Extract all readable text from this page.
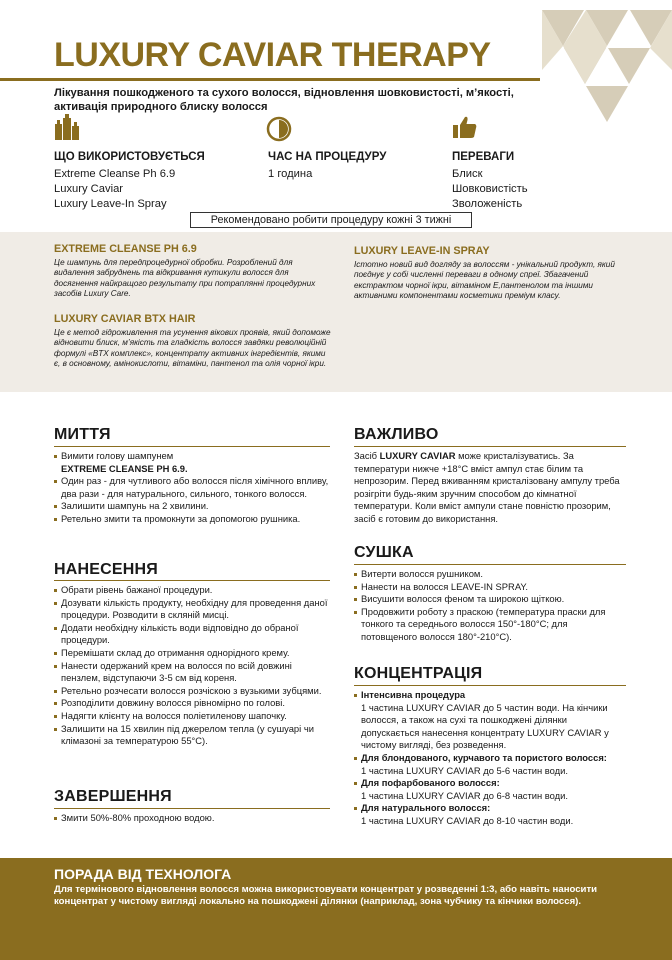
LUXURY CAVIAR THERAPY
Лікування пошкодженого та сухого волосся, відновлення шовковистості, м’якості, активація природного блиску волосся
ЩО ВИКОРИСТОВУЄТЬСЯ
Extreme Cleanse Ph 6.9
Luxury Caviar
Luxury Leave-In Spray
ЧАС НА ПРОЦЕДУРУ
1 година
ПЕРЕВАГИ
Блиск
Шовковистість
Зволоженість
Рекомендовано робити процедуру кожні 3 тижні
EXTREME CLEANSE PH 6.9
Це шампунь для передпроцедурної обробки. Розроблений для видалення забруднень та відкривання кутикули волосся для досягнення найкращого результату при потраплянні процедурних засобів Luxury Care.
LUXURY CAVIAR BTX HAIR
Це є метод гідроживлення та усунення вікових проявів, який допоможе відновити блиск, м’якість та гладкість волосся завдяки революційній формулі «BTX комплекс», концентрату активних інгредієнтів, якими є, в основному, амінокислоти, вітаміни, пантенол та олія чорної ікри.
LUXURY LEAVE-IN SPRAY
Істотно новий вид догляду за волоссям - унікальний продукт, який поєднує у собі численні переваги в одному спреї. Збагачений екстрактом чорної ікри, вітаміном Е,пантенолом та іншими активними компонентами косметики преміум класу.
МИТТЯ
Вимити голову шампунем
EXTREME CLEANSE PH 6.9.
Один раз - для чутливого або волосся після хімічного впливу, два рази - для натурального, сильного, тонкого волосся.
Залишити шампунь на 2 хвилини.
Ретельно змити та промокнути за допомогою рушника.
НАНЕСЕННЯ
Обрати рівень бажаної процедури.
Дозувати кількість продукту, необхідну для проведення даної процедури. Розводити в скляній мисці.
Додати необхідну кількість води відповідно до обраної процедури.
Перемішати склад до отримання однорідного крему.
Нанести одержаний крем на волосся по всій довжині пензлем, відступаючи 3-5 см від кореня.
Ретельно розчесати волосся розчіскою з вузькими зубцями.
Розподілити довжину волосся рівномірно по голові.
Надягти клієнту на волосся поліетиленову шапочку.
Залишити на 15 хвилин під джерелом тепла (у сушуарі чи клімазоні за температурою 55°С).
ЗАВЕРШЕННЯ
Змити 50%-80% проходною водою.
ВАЖЛИВО
Засіб LUXURY CAVIAR може кристалізуватись. За температури нижче +18°С вміст ампул стає білим та непрозорим. Перед вживанням кристалізовану ампулу треба розігріти будь-яким зручним способом до кімнатної температури. Коли вміст ампули стане повністю прозорим,
засіб є готовим до використання.
СУШКА
Витерти волосся рушником.
Нанести на волосся LEAVE-IN SPRAY.
Висушити волосся феном та широкою щіткою.
Продовжити роботу з праскою (температура праски для тонкого та середнього волосся 150°-180°С; для потовщеного волосся 180°-210°С).
КОНЦЕНТРАЦІЯ
Інтенсивна процедура
1 частина LUXURY CAVIAR до 5 частин води. На кінчики волосся, а також на сухі та пошкоджені ділянки допускається нанесення концентрату LUXURY CAVIAR у чистому вигляді, без розведення.
Для блондованого, курчавого та пористого волосся:
1 частина LUXURY CAVIAR до 5-6 частин води.
Для пофарбованого волосся:
1 частина LUXURY CAVIAR до 6-8 частин води.
Для натурального волосся:
1 частина LUXURY CAVIAR до 8-10 частин води.
ПОРАДА ВІД ТЕХНОЛОГА

Для термінового відновлення волосся можна використовувати концентрат у розведенні 1:3, або навіть наносити концентрат у чистому вигляді локально на пошкоджені ділянки (наприклад, зона чубчику та кінчики волосся).
